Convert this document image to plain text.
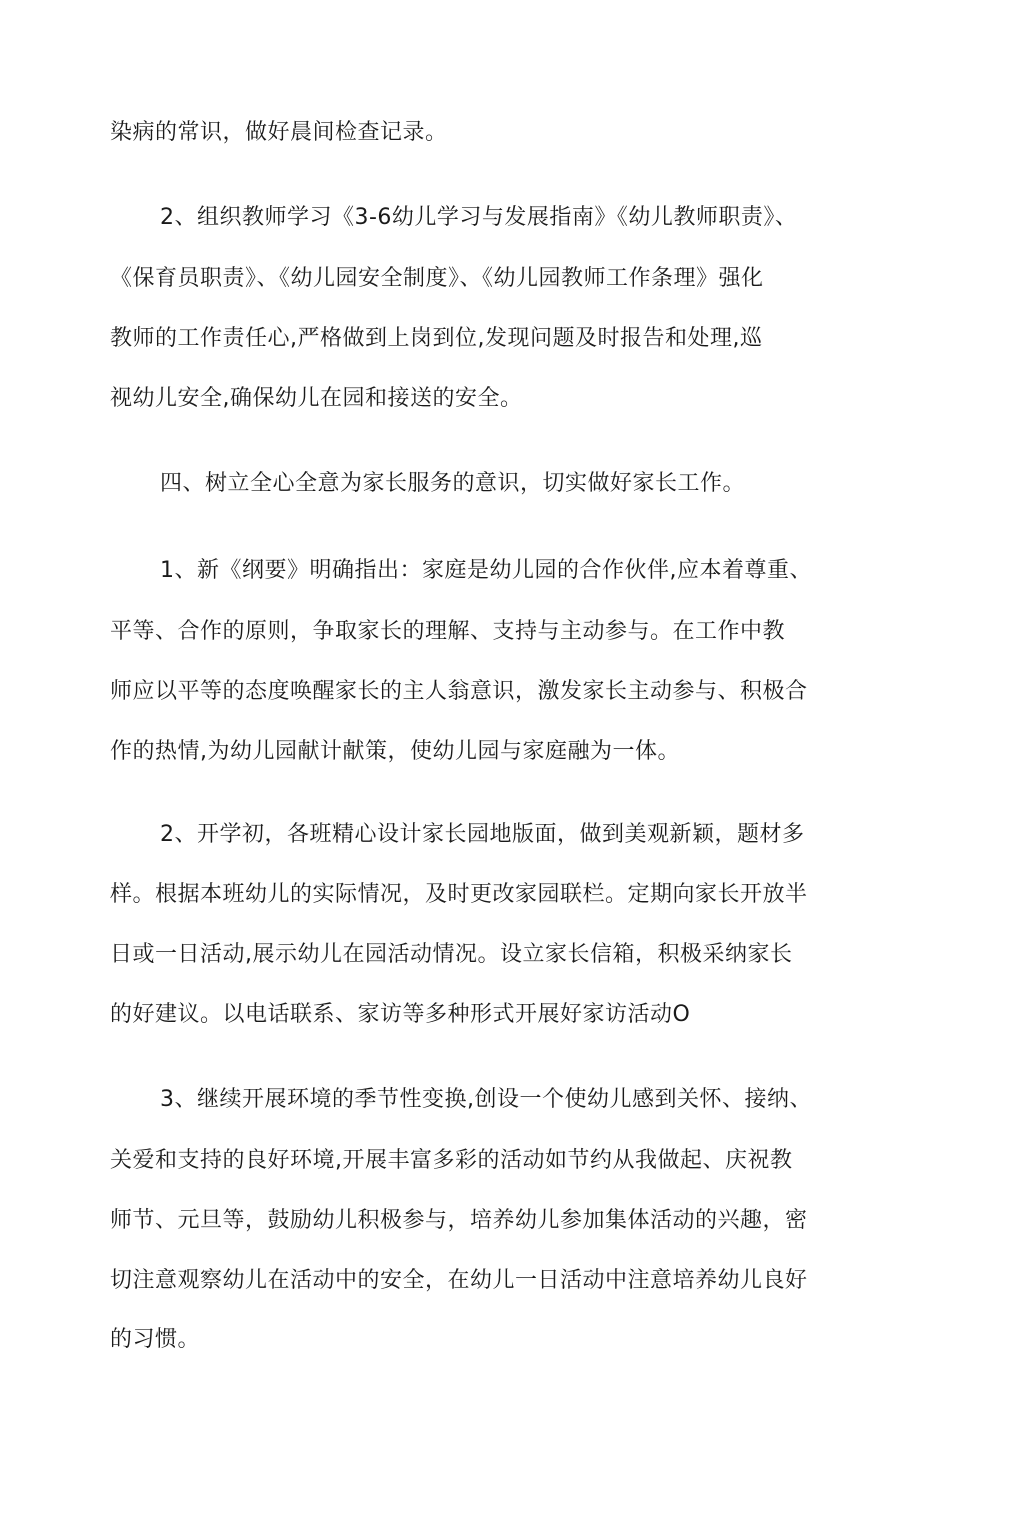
染病的常识，做好晨间检查记录。
2、组织教师学习《3-6幼儿学习与发展指南》《幼儿教师职责》、
《保育员职责》、《幼儿园安全制度》、《幼儿园教师工作条理》强化
教师的工作责任心,严格做到上岗到位,发现问题及时报告和处理,巡
视幼儿安全,确保幼儿在园和接送的安全。
四、树立全心全意为家长服务的意识，切实做好家长工作。
1、新《纲要》明确指出：家庭是幼儿园的合作伙伴,应本着尊重、
平等、合作的原则，争取家长的理解、支持与主动参与。在工作中教
师应以平等的态度唤醒家长的主人翁意识，激发家长主动参与、积极合
作的热情,为幼儿园献计献策，使幼儿园与家庭融为一体。
2、开学初，各班精心设计家长园地版面，做到美观新颖，题材多
样。根据本班幼儿的实际情况，及时更改家园联栏。定期向家长开放半
日或一日活动,展示幼儿在园活动情况。设立家长信箱，积极采纳家长
的好建议。以电话联系、家访等多种形式开展好家访活动O
3、继续开展环境的季节性变换,创设一个使幼儿感到关怀、接纳、
关爱和支持的良好环境,开展丰富多彩的活动如节约从我做起、庆祝教
师节、元旦等，鼓励幼儿积极参与，培养幼儿参加集体活动的兴趣，密
切注意观察幼儿在活动中的安全，在幼儿一日活动中注意培养幼儿良好
的习惯。
